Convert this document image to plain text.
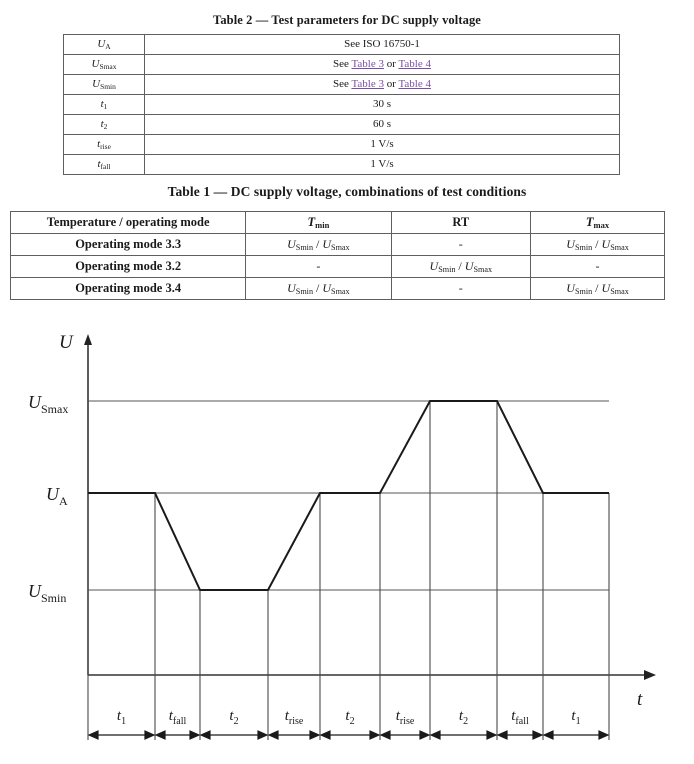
Table 2 — Test parameters for DC supply voltage
$U_A$	See ISO 16750-1
$U_{Smax}$	See Table 3 or Table 4
$U_{Smin}$	See Table 3 or Table 4
$t_1$	30 s
$t_2$	60 s
$t_{rise}$	1 V/s
$t_{fall}$	1 V/s
Table 1 — DC supply voltage, combinations of test conditions
Temperature / operating mode	$T_{min}$	RT	$T_{max}$
Operating mode 3.3	$U_{Smin} / U_{Smax}$	-	$U_{Smin} / U_{Smax}$
Operating mode 3.2	-	$U_{Smin} / U_{Smax}$	-
Operating mode 3.4	$U_{Smin} / U_{Smax}$	-	$U_{Smin} / U_{Smax}$
U
t
$U_{Smax}$
$U_A$
$U_{Smin}$
$t_1$	$t_{fall}$	$t_2$	$t_{rise}$	$t_2$	$t_{rise}$	$t_2$	$t_{fall}$	$t_1$
